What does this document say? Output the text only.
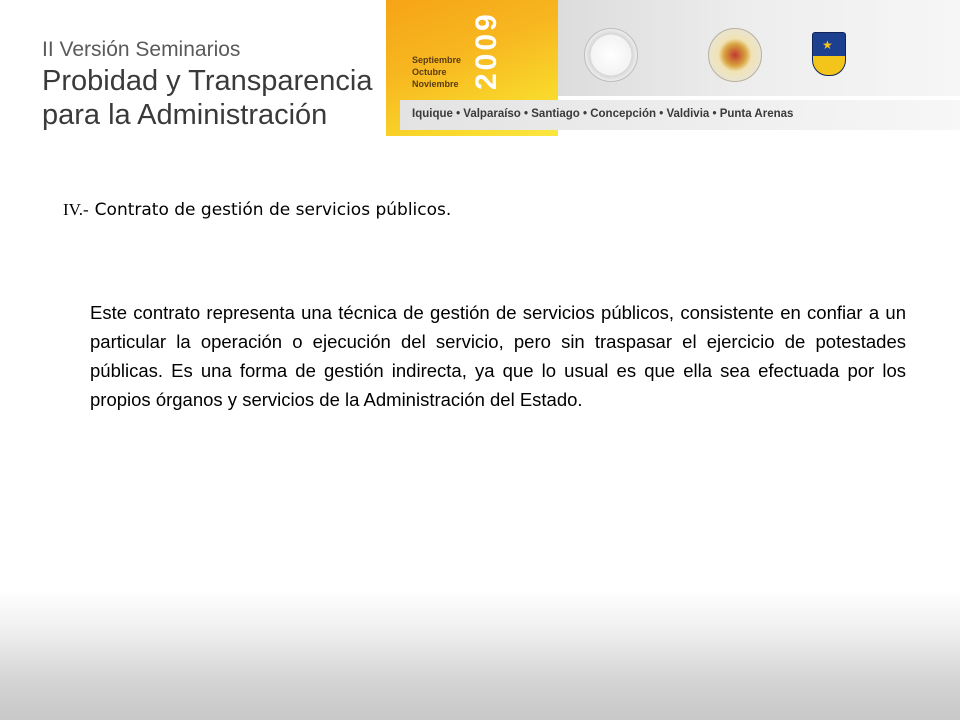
II Versión Seminarios
Probidad y Transparencia
para la Administración
Septiembre
Octubre
Noviembre 2009	★
Iquique • Valparaíso • Santiago • Concepción • Valdivia • Punta Arenas
IV.- Contrato de gestión de servicios públicos.
Este contrato representa una técnica de gestión de servicios públicos, consistente en confiar a un particular la operación o ejecución del servicio, pero sin traspasar el ejercicio de potestades públicas. Es una forma de gestión indirecta, ya que lo usual es que ella sea efectuada por los propios órganos y servicios de la Administración del Estado.
